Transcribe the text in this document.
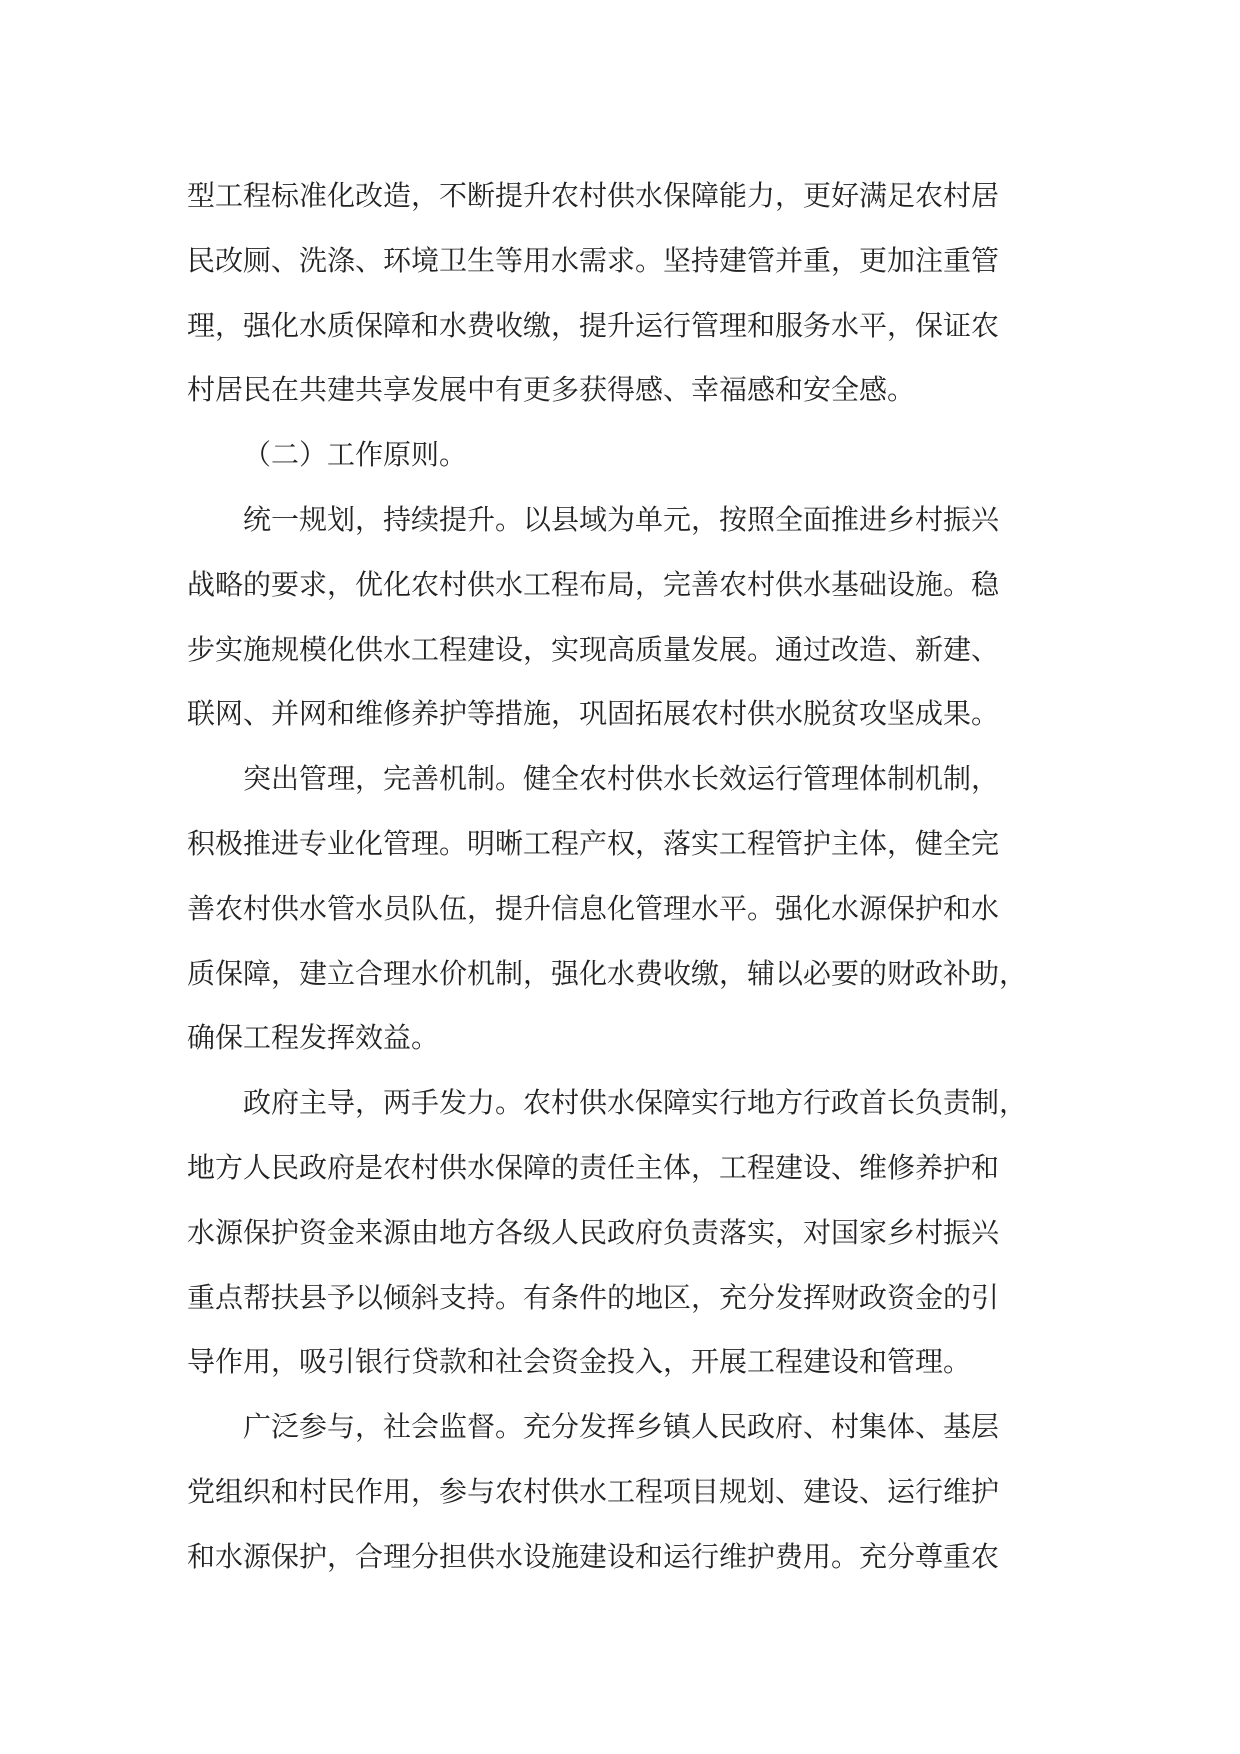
型工程标准化改造，不断提升农村供水保障能力，更好满足农村居
民改厕、洗涤、环境卫生等用水需求。坚持建管并重，更加注重管
理，强化水质保障和水费收缴，提升运行管理和服务水平，保证农
村居民在共建共享发展中有更多获得感、幸福感和安全感。
（二）工作原则。
统一规划，持续提升。以县域为单元，按照全面推进乡村振兴
战略的要求，优化农村供水工程布局，完善农村供水基础设施。稳
步实施规模化供水工程建设，实现高质量发展。通过改造、新建、
联网、并网和维修养护等措施，巩固拓展农村供水脱贫攻坚成果。
突出管理，完善机制。健全农村供水长效运行管理体制机制，
积极推进专业化管理。明晰工程产权，落实工程管护主体，健全完
善农村供水管水员队伍，提升信息化管理水平。强化水源保护和水
质保障，建立合理水价机制，强化水费收缴，辅以必要的财政补助，
确保工程发挥效益。
政府主导，两手发力。农村供水保障实行地方行政首长负责制，
地方人民政府是农村供水保障的责任主体，工程建设、维修养护和
水源保护资金来源由地方各级人民政府负责落实，对国家乡村振兴
重点帮扶县予以倾斜支持。有条件的地区，充分发挥财政资金的引
导作用，吸引银行贷款和社会资金投入，开展工程建设和管理。
广泛参与，社会监督。充分发挥乡镇人民政府、村集体、基层
党组织和村民作用，参与农村供水工程项目规划、建设、运行维护
和水源保护，合理分担供水设施建设和运行维护费用。充分尊重农
